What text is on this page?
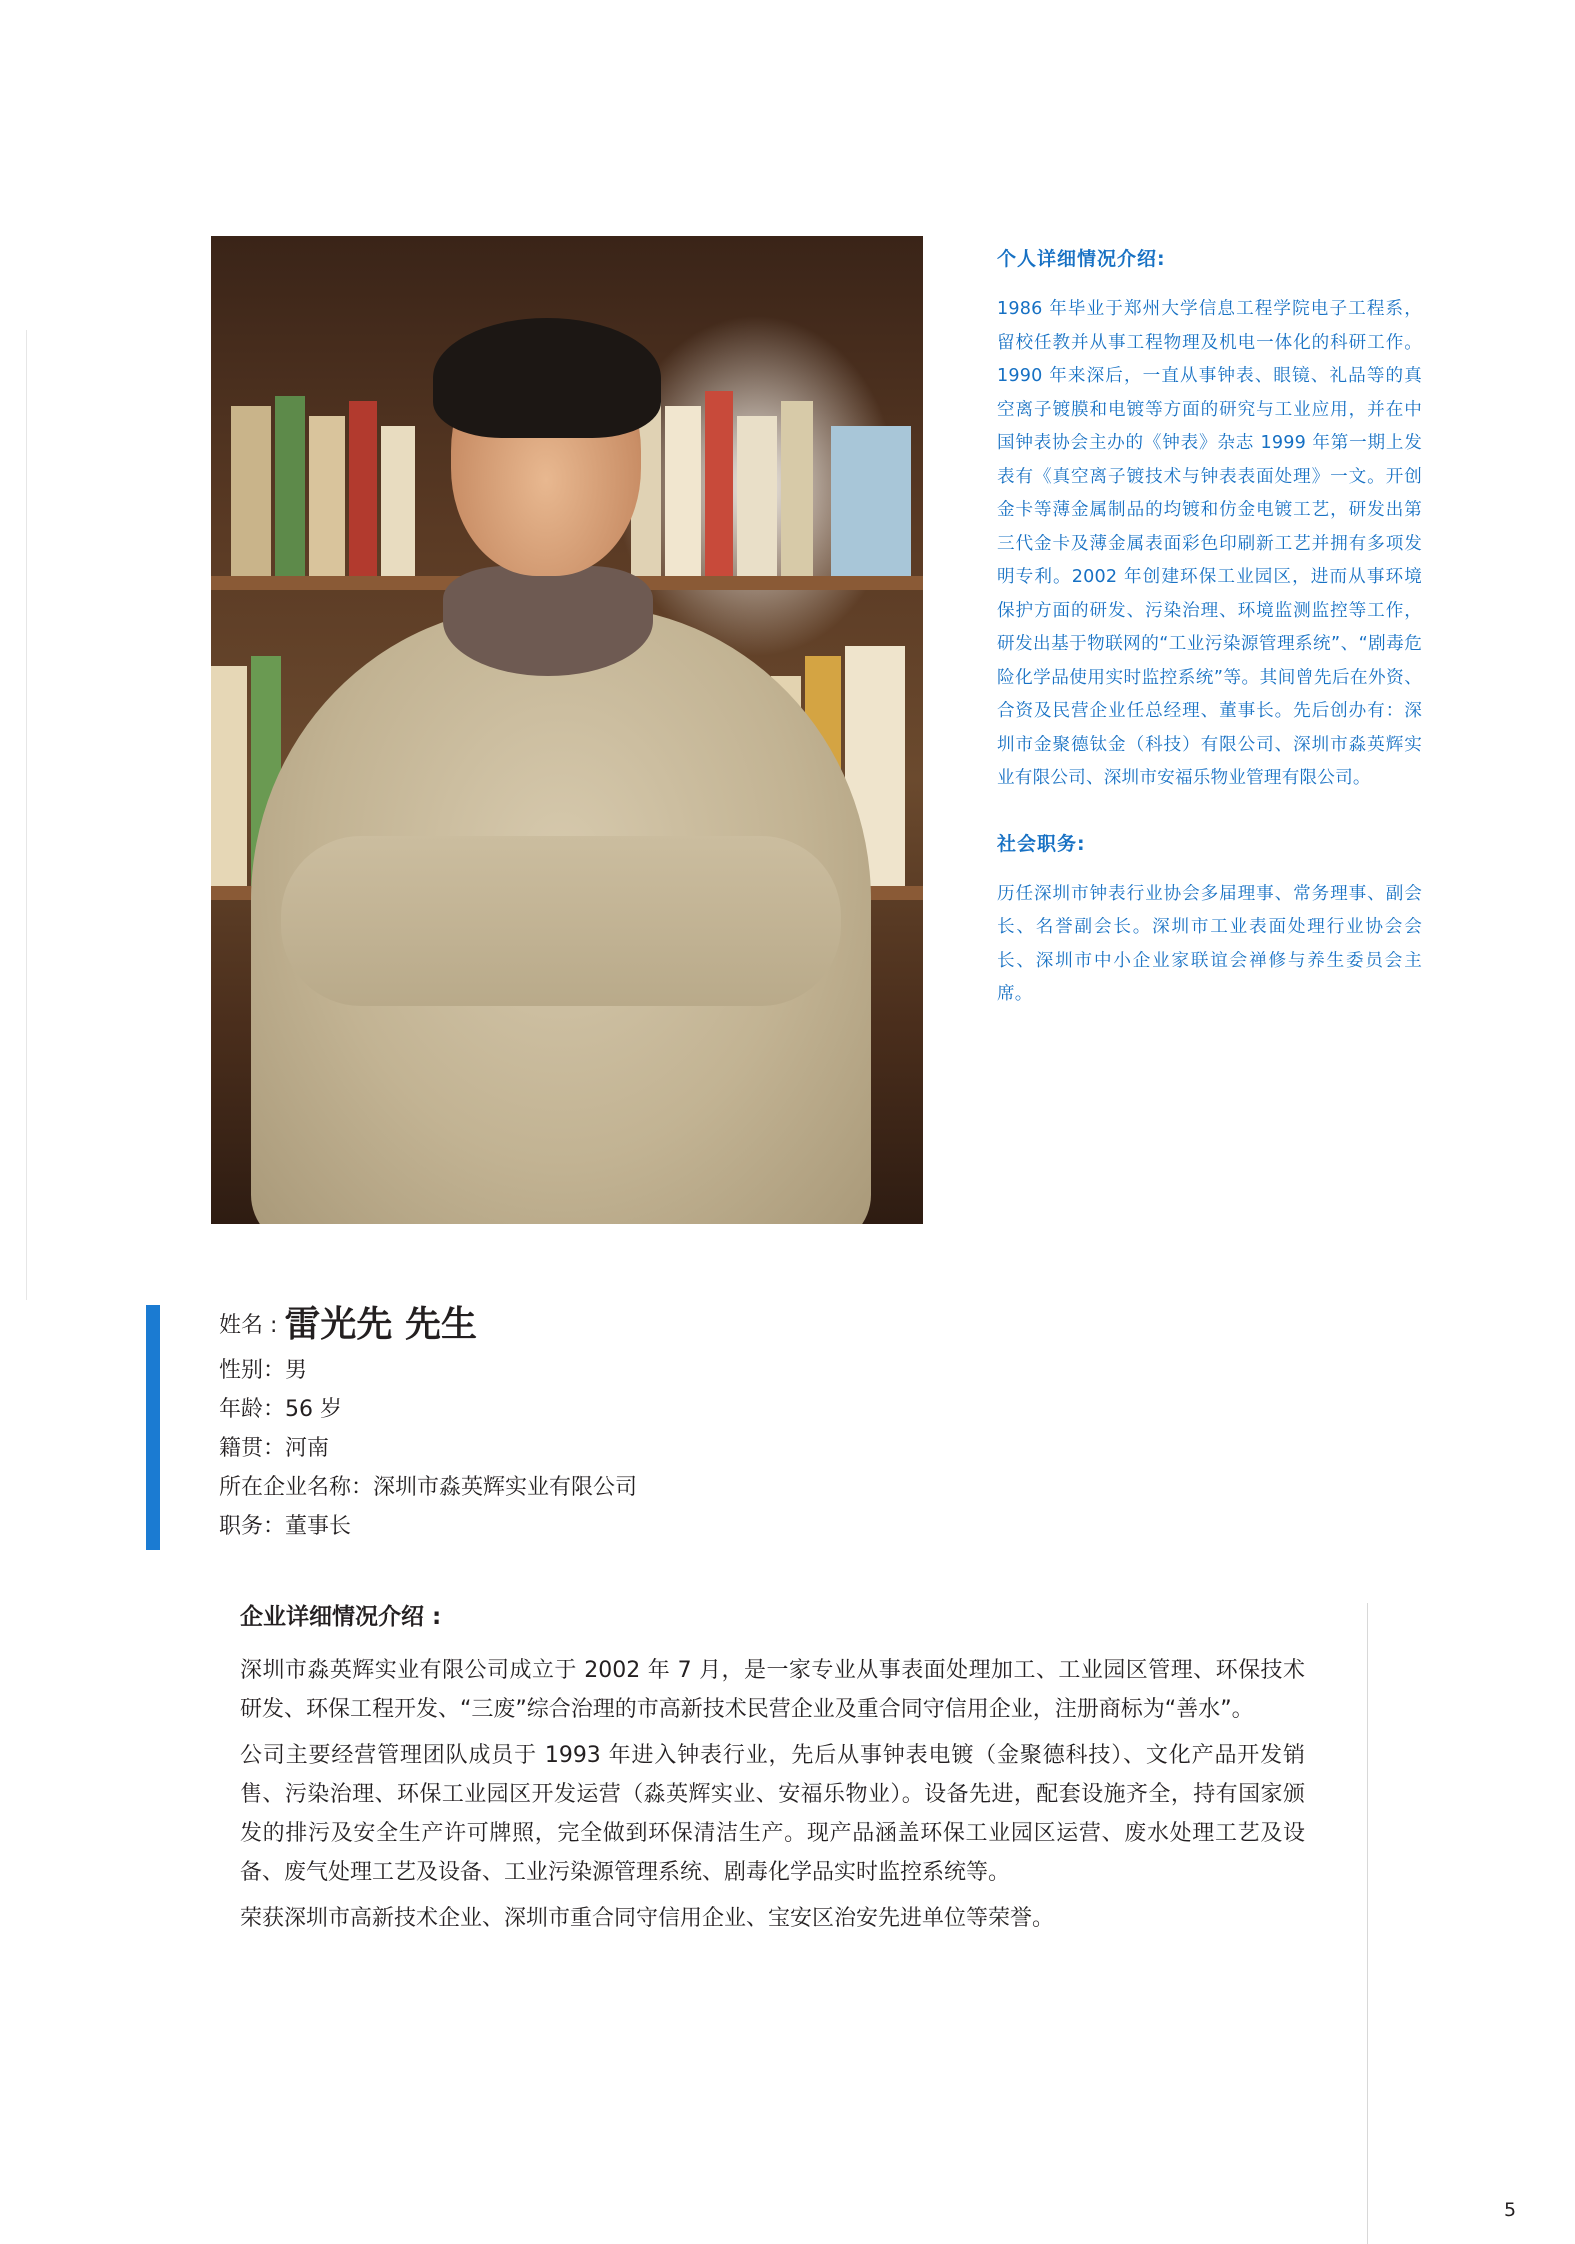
个人详细情况介绍:

1986 年毕业于郑州大学信息工程学院电子工程系，留校任教并从事工程物理及机电一体化的科研工作。1990 年来深后，一直从事钟表、眼镜、礼品等的真空离子镀膜和电镀等方面的研究与工业应用，并在中国钟表协会主办的《钟表》杂志 1999 年第一期上发表有《真空离子镀技术与钟表表面处理》一文。开创金卡等薄金属制品的均镀和仿金电镀工艺，研发出第三代金卡及薄金属表面彩色印刷新工艺并拥有多项发明专利。2002 年创建环保工业园区，进而从事环境保护方面的研发、污染治理、环境监测监控等工作，研发出基于物联网的“工业污染源管理系统”、“剧毒危险化学品使用实时监控系统”等。其间曾先后在外资、合资及民营企业任总经理、董事长。先后创办有：深圳市金聚德钛金（科技）有限公司、深圳市淼英辉实业有限公司、深圳市安福乐物业管理有限公司。

社会职务:

历任深圳市钟表行业协会多届理事、常务理事、副会长、名誉副会长。深圳市工业表面处理行业协会会长、深圳市中小企业家联谊会禅修与养生委员会主席。

姓名 : 雷光先 先生
性别：男
年龄：56 岁
籍贯：河南
所在企业名称：深圳市淼英辉实业有限公司
职务：董事长

企业详细情况介绍 :

深圳市淼英辉实业有限公司成立于 2002 年 7 月，是一家专业从事表面处理加工、工业园区管理、环保技术研发、环保工程开发、“三废”综合治理的市高新技术民营企业及重合同守信用企业，注册商标为“善水”。

公司主要经营管理团队成员于 1993 年进入钟表行业，先后从事钟表电镀（金聚德科技）、文化产品开发销售、污染治理、环保工业园区开发运营（淼英辉实业、安福乐物业）。设备先进，配套设施齐全，持有国家颁发的排污及安全生产许可牌照，完全做到环保清洁生产。现产品涵盖环保工业园区运营、废水处理工艺及设备、废气处理工艺及设备、工业污染源管理系统、剧毒化学品实时监控系统等。

荣获深圳市高新技术企业、深圳市重合同守信用企业、宝安区治安先进单位等荣誉。

5
